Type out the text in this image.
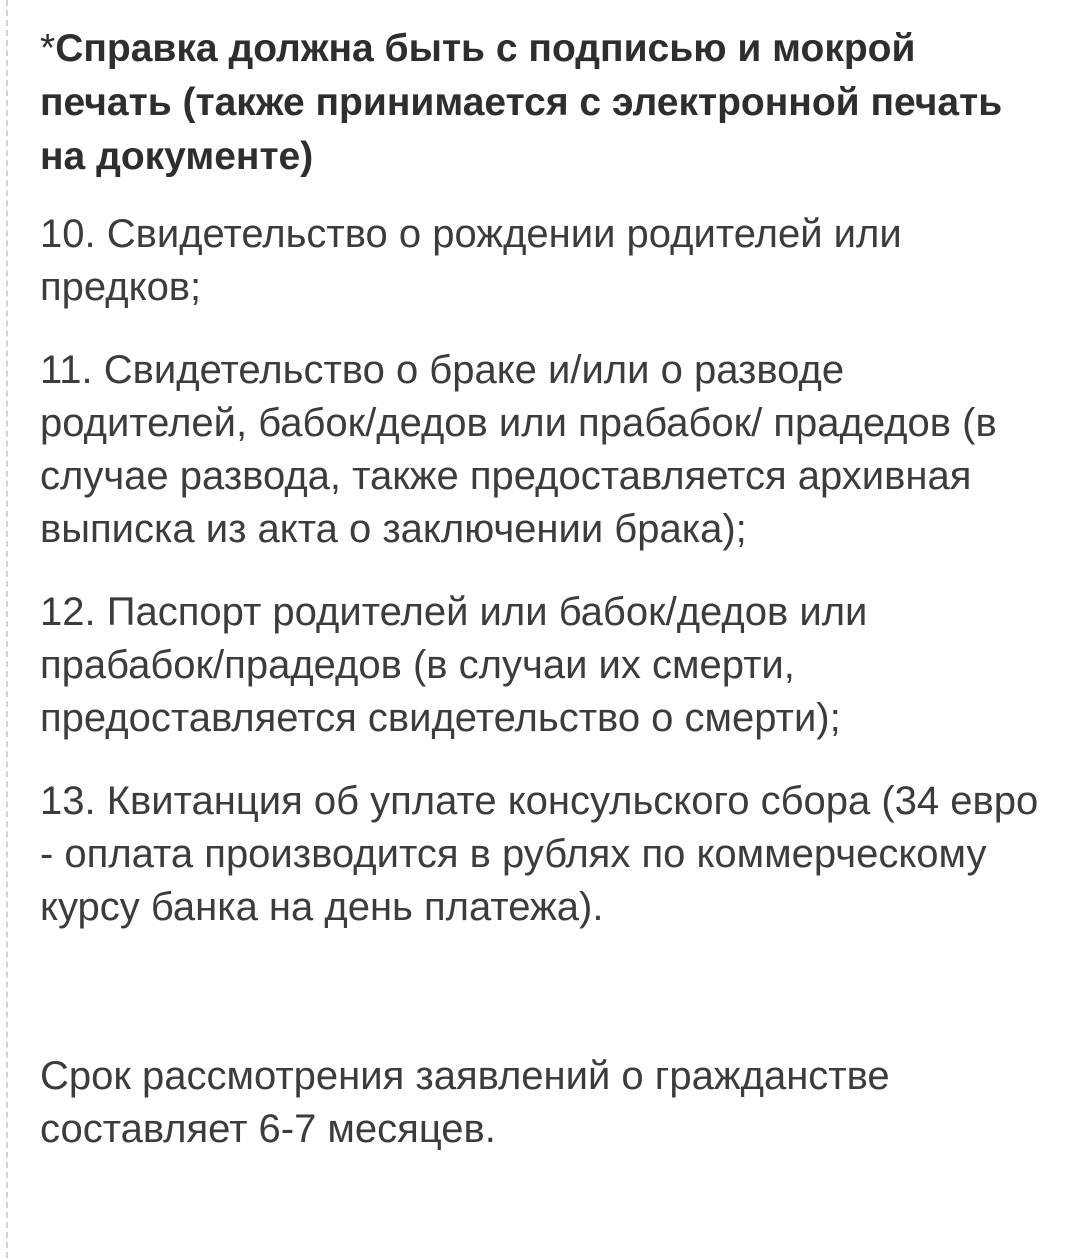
*Справка должна быть с подписью и мокрой печать (также принимается с электронной печать на документе)

10. Свидетельство о рождении родителей или предков;

11. Свидетельство о браке и/или о разводе родителей, бабок/дедов или прабабок/ прадедов (в случае развода, также предоставляется архивная выписка из акта о заключении брака);

12. Паспорт родителей или бабок/дедов или прабабок/прадедов (в случаи их смерти, предоставляется свидетельство о смерти);

13. Квитанция об уплате консульского сбора (34 евро - оплата производится в рублях по коммерческому курсу банка на день платежа).

Срок рассмотрения заявлений о гражданстве составляет 6-7 месяцев.
